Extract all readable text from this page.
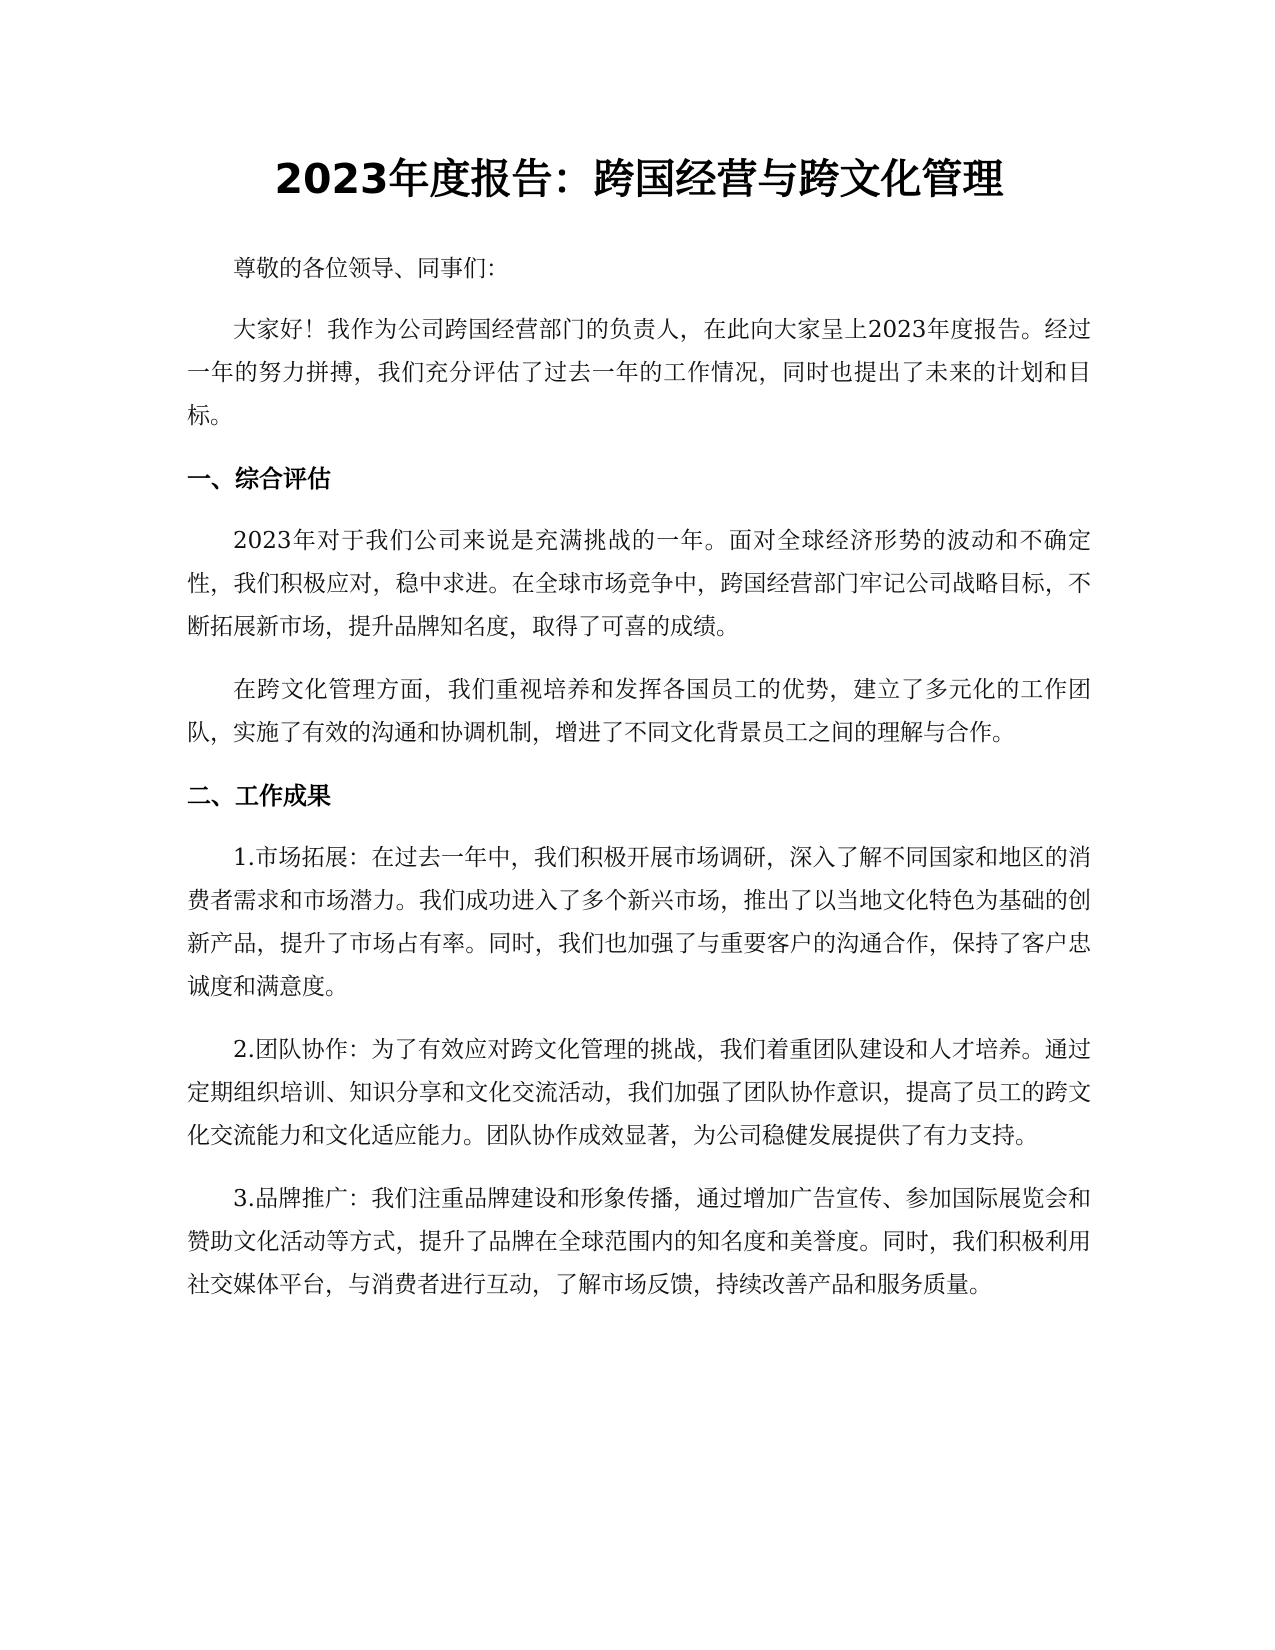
2023年度报告：跨国经营与跨文化管理

尊敬的各位领导、同事们：

大家好！我作为公司跨国经营部门的负责人，在此向大家呈上2023年度报告。经过一年的努力拼搏，我们充分评估了过去一年的工作情况，同时也提出了未来的计划和目标。

一、综合评估

2023年对于我们公司来说是充满挑战的一年。面对全球经济形势的波动和不确定性，我们积极应对，稳中求进。在全球市场竞争中，跨国经营部门牢记公司战略目标，不断拓展新市场，提升品牌知名度，取得了可喜的成绩。

在跨文化管理方面，我们重视培养和发挥各国员工的优势，建立了多元化的工作团队，实施了有效的沟通和协调机制，增进了不同文化背景员工之间的理解与合作。

二、工作成果

1.市场拓展：在过去一年中，我们积极开展市场调研，深入了解不同国家和地区的消费者需求和市场潜力。我们成功进入了多个新兴市场，推出了以当地文化特色为基础的创新产品，提升了市场占有率。同时，我们也加强了与重要客户的沟通合作，保持了客户忠诚度和满意度。

2.团队协作：为了有效应对跨文化管理的挑战，我们着重团队建设和人才培养。通过定期组织培训、知识分享和文化交流活动，我们加强了团队协作意识，提高了员工的跨文化交流能力和文化适应能力。团队协作成效显著，为公司稳健发展提供了有力支持。

3.品牌推广：我们注重品牌建设和形象传播，通过增加广告宣传、参加国际展览会和赞助文化活动等方式，提升了品牌在全球范围内的知名度和美誉度。同时，我们积极利用社交媒体平台，与消费者进行互动，了解市场反馈，持续改善产品和服务质量。
